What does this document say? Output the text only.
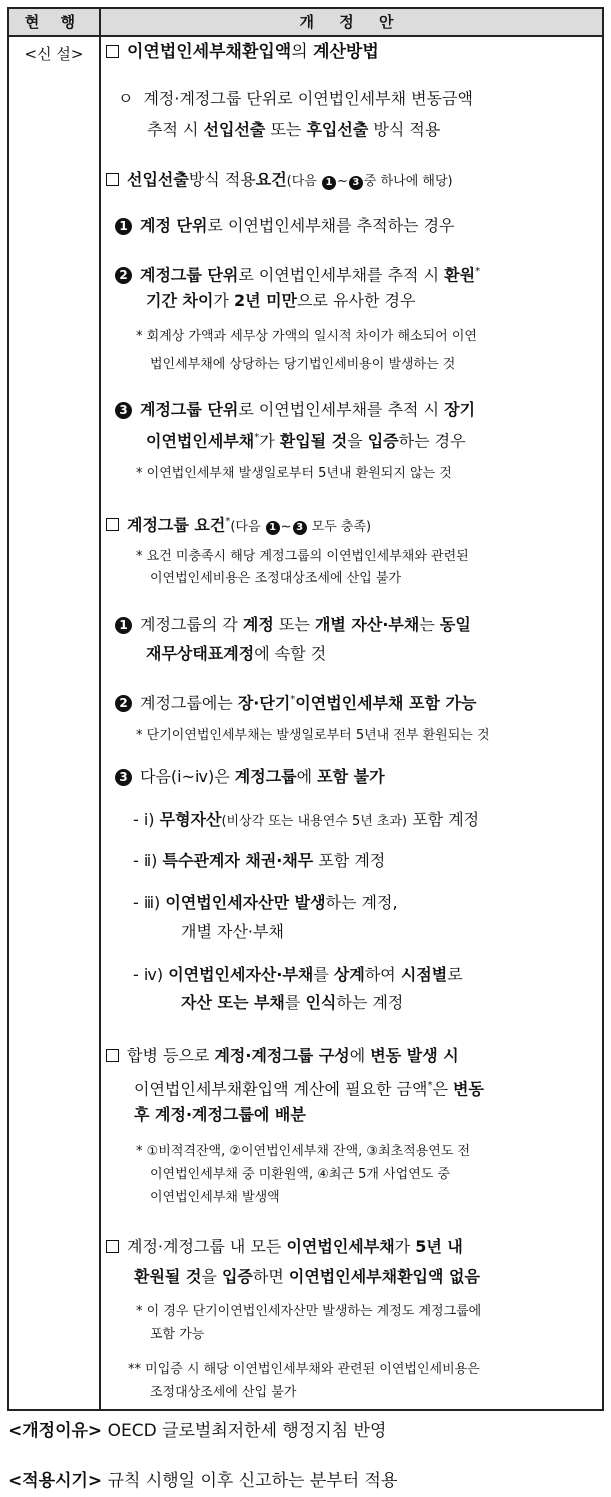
현 행	개 정 안
<신 설>	이연법인세부채환입액의 계산방법
ㅇ 계정·계정그룹 단위로 이연법인세부채 변동금액
추적 시 선입선출 또는 후입선출 방식 적용
선입선출방식 적용요건(다음 1 ~ 3 중 하나에 해당)
1 계정 단위로 이연법인세부채를 추적하는 경우
2 계정그룹 단위로 이연법인세부채를 추적 시 환원*
기간 차이가 2년 미만으로 유사한 경우
* 회계상 가액과 세무상 가액의 일시적 차이가 해소되어 이연
법인세부채에 상당하는 당기법인세비용이 발생하는 것
3 계정그룹 단위로 이연법인세부채를 추적 시 장기
이연법인세부채*가 환입될 것을 입증하는 경우
* 이연법인세부채 발생일로부터 5년내 환원되지 않는 것
계정그룹 요건*(다음 1 ~ 3 모두 충족)
* 요건 미충족시 해당 계정그룹의 이연법인세부채와 관련된
이연법인세비용은 조정대상조세에 산입 불가
1 계정그룹의 각 계정 또는 개별 자산·부채는 동일
재무상태표계정에 속할 것
2 계정그룹에는 장·단기*이연법인세부채 포함 가능
* 단기이연법인세부채는 발생일로부터 5년내 전부 환원되는 것
3 다음(ⅰ~ⅳ)은 계정그룹에 포함 불가
- ⅰ) 무형자산(비상각 또는 내용연수 5년 초과) 포함 계정
- ⅱ) 특수관계자 채권·채무 포함 계정
- ⅲ) 이연법인세자산만 발생하는 계정,
개별 자산·부채
- ⅳ) 이연법인세자산·부채를 상계하여 시점별로
자산 또는 부채를 인식하는 계정
합병 등으로 계정·계정그룹 구성에 변동 발생 시
이연법인세부채환입액 계산에 필요한 금액*은 변동
후 계정·계정그룹에 배분
* ①비적격잔액, ②이연법인세부채 잔액, ③최초적용연도 전
이연법인세부채 중 미환원액, ④최근 5개 사업연도 중
이연법인세부채 발생액
계정·계정그룹 내 모든 이연법인세부채가 5년 내
환원될 것을 입증하면 이연법인세부채환입액 없음
* 이 경우 단기이연법인세자산만 발생하는 계정도 계정그룹에
포함 가능
** 미입증 시 해당 이연법인세부채와 관련된 이연법인세비용은
조정대상조세에 산입 불가
<개정이유> OECD 글로벌최저한세 행정지침 반영
<적용시기> 규칙 시행일 이후 신고하는 분부터 적용
